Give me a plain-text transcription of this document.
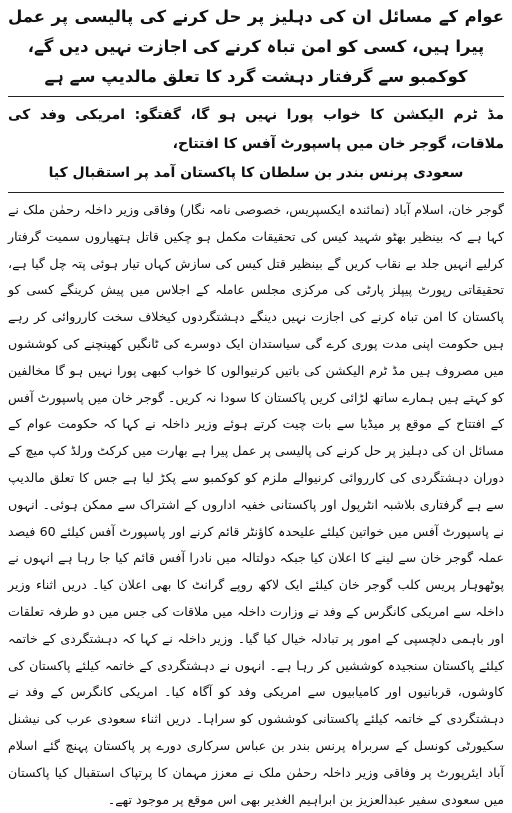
عوام کے مسائل ان کی دہلیز پر حل کرنے کی پالیسی پر عمل پیرا ہیں، کسی کو امن تباہ کرنے کی اجازت نہیں دیں گے،
کوکمبو سے گرفتار دہشت گرد کا تعلق مالدیپ سے ہے
مڈ ٹرم الیکشن کا خواب پورا نہیں ہو گا، گفتگو: امریکی وفد کی ملاقات، گوجر خان میں پاسپورٹ آفس کا افتتاح،
سعودی پرنس بندر بن سلطان کا پاکستان آمد پر استقبال کیا

گوجر خان، اسلام آباد (نمائندہ ایکسپریس، خصوصی نامہ نگار) وفاقی وزیر داخلہ رحمٰن ملک نے کہا ہے کہ بینظیر بھٹو شہید کیس کی تحقیقات مکمل ہو چکیں قاتل ہتھیاروں سمیت گرفتار کرلیے انہیں جلد بے نقاب کریں گے بینظیر قتل کیس کی سازش کہاں تیار ہوئی پتہ چل گیا ہے، تحقیقاتی رپورٹ پیپلز پارٹی کی مرکزی مجلس عاملہ کے اجلاس میں پیش کرینگے کسی کو پاکستان کا امن تباہ کرنے کی اجازت نہیں دینگے دہشتگردوں کیخلاف سخت کارروائی کر رہے ہیں حکومت اپنی مدت پوری کرے گی سیاستدان ایک دوسرے کی ٹانگیں کھینچنے کی کوششوں میں مصروف ہیں مڈ ٹرم الیکشن کی باتیں کرنیوالوں کا خواب کبھی پورا نہیں ہو گا مخالفین کو کہتے ہیں ہمارے ساتھ لڑائی کریں پاکستان کا سودا نہ کریں۔ گوجر خان میں پاسپورٹ آفس کے افتتاح کے موقع پر میڈیا سے بات چیت کرتے ہوئے وزیر داخلہ نے کہا کہ حکومت عوام کے مسائل ان کی دہلیز پر حل کرنے کی پالیسی پر عمل پیرا ہے بھارت میں کرکٹ ورلڈ کپ میچ کے دوران دہشتگردی کی کارروائی کرنیوالے ملزم کو کوکمبو سے پکڑ لیا ہے جس کا تعلق مالدیپ سے ہے گرفتاری بلاشبہ انٹرپول اور پاکستانی خفیہ اداروں کے اشتراک سے ممکن ہوئی۔ انہوں نے پاسپورٹ آفس میں خواتین کیلئے علیحدہ کاؤنٹر قائم کرنے اور پاسپورٹ آفس کیلئے 60 فیصد عملہ گوجر خان سے لینے کا اعلان کیا جبکہ دولتالہ میں نادرا آفس قائم کیا جا رہا ہے انہوں نے پوٹھوہار پریس کلب گوجر خان کیلئے ایک لاکھ روپے گرانٹ کا بھی اعلان کیا۔ دریں اثناء وزیر داخلہ سے امریکی کانگرس کے وفد نے وزارت داخلہ میں ملاقات کی جس میں دو طرفہ تعلقات اور باہمی دلچسپی کے امور پر تبادلہ خیال کیا گیا۔ وزیر داخلہ نے کہا کہ دہشتگردی کے خاتمہ کیلئے پاکستان سنجیدہ کوششیں کر رہا ہے۔ انہوں نے دہشتگردی کے خاتمہ کیلئے پاکستان کی کاوشوں، قربانیوں اور کامیابیوں سے امریکی وفد کو آگاہ کیا۔ امریکی کانگرس کے وفد نے دہشتگردی کے خاتمہ کیلئے پاکستانی کوششوں کو سراہا۔ دریں اثناء سعودی عرب کی نیشنل سکیورٹی کونسل کے سربراہ پرنس بندر بن عباس سرکاری دورے پر پاکستان پہنچ گئے اسلام آباد ایئرپورٹ پر وفاقی وزیر داخلہ رحمٰن ملک نے معزز مہمان کا پرتپاک استقبال کیا پاکستان میں سعودی سفیر عبدالعزیز بن ابراہیم الغدیر بھی اس موقع پر موجود تھے۔
